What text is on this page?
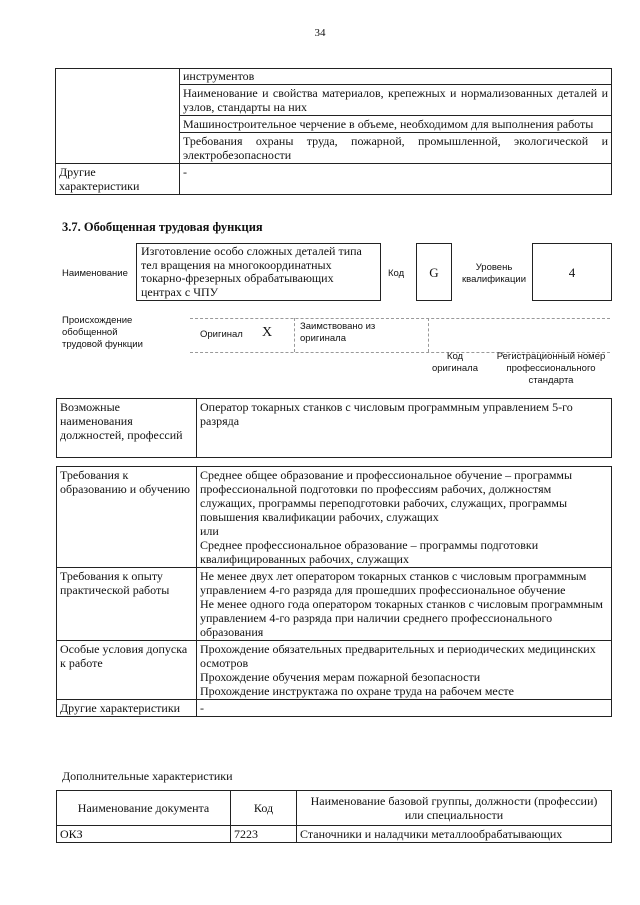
34
	инструментов
	Наименование и свойства материалов, крепежных и нормализованных деталей и узлов, стандарты на них
	Машиностроительное черчение в объеме, необходимом для выполнения работы
	Требования охраны труда, пожарной, промышленной, экологической и электробезопасности
Другие характеристики	-
3.7. Обобщенная трудовая функция
Наименование
Изготовление особо сложных деталей типа тел вращения на многокоординатных токарно-фрезерных обрабатывающих центрах с ЧПУ
Код	G	Уровень квалификации	4
Происхождение обобщенной трудовой функции
Оригинал X	Заимствовано из оригинала
Код оригинала
Регистрационный номер профессионального стандарта
Возможные наименования должностей, профессий	Оператор токарных станков с числовым программным управлением 5-го разряда
Требования к образованию и обучению	Среднее общее образование и профессиональное обучение – программы профессиональной подготовки по профессиям рабочих, должностям служащих, программы переподготовки рабочих, служащих, программы повышения квалификации рабочих, служащих
или
Среднее профессиональное образование – программы подготовки квалифицированных рабочих, служащих

Требования к опыту практической работы	Не менее двух лет оператором токарных станков с числовым программным управлением 4-го разряда для прошедших профессиональное обучение
Не менее одного года оператором токарных станков с числовым программным управлением 4-го разряда при наличии среднего профессионального образования

Особые условия допуска к работе	Прохождение обязательных предварительных и периодических медицинских осмотров
Прохождение обучения мерам пожарной безопасности
Прохождение инструктажа по охране труда на рабочем месте

Другие характеристики	-
Дополнительные характеристики
Наименование документа	Код	Наименование базовой группы, должности (профессии) или специальности
ОКЗ	7223	Станочники и наладчики металлообрабатывающих
